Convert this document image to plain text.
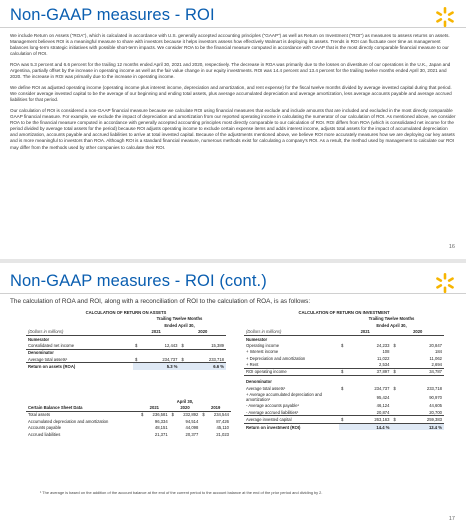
Non-GAAP measures - ROI

We include Return on Assets ("ROA"), which is calculated in accordance with U.S. generally accepted accounting principles ("GAAP") as well as Return on Investment ("ROI") as measures to assess returns on assets. Management believes ROI is a meaningful measure to share with investors because it helps investors assess how effectively Walmart is deploying its assets. Trends in ROI can fluctuate over time as management balances long-term strategic initiatives with possible short-term impacts. We consider ROA to be the financial measure computed in accordance with GAAP that is the most directly comparable financial measure to our calculation of ROI.

ROA was 5.3 percent and 6.6 percent for the trailing 12 months ended April 30, 2021 and 2020, respectively. The decrease in ROA was primarily due to the losses on divestiture of our operations in the U.K., Japan and Argentina, partially offset by the increase in operating income as well as the fair value change in our equity investments. ROI was 14.4 percent and 13.4 percent for the trailing twelve months ended April 30, 2021 and 2020. The increase in ROI was primarily due to the increase in operating income.

We define ROI as adjusted operating income (operating income plus interest income, depreciation and amortization, and rent expense) for the fiscal twelve months divided by average invested capital during that period. We consider average invested capital to be the average of our beginning and ending total assets, plus average accumulated depreciation and average amortization, less average accounts payable and average accrued liabilities for that period.

Our calculation of ROI is considered a non-GAAP financial measure because we calculate ROI using financial measures that exclude and include amounts that are included and excluded in the most directly comparable GAAP financial measure. For example, we exclude the impact of depreciation and amortization from our reported operating income in calculating the numerator of our calculation of ROI. As mentioned above, we consider ROA to be the financial measure computed in accordance with generally accepted accounting principles most directly comparable to our calculation of ROI. ROI differs from ROA (which is consolidated net income for the period divided by average total assets for the period) because ROI adjusts operating income to exclude certain expense items and adds interest income, adjusts total assets for the impact of accumulated depreciation and amortization, accounts payable and accrued liabilities to arrive at total invested capital. Because of the adjustments mentioned above, we believe ROI more accurately measures how we are deploying our key assets and is more meaningful to investors than ROA. Although ROI is a standard financial measure, numerous methods exist for calculating a company's ROI. As a result, the method used by management to calculate our ROI may differ from the methods used by other companies to calculate their ROI.

16
Non-GAAP measures - ROI (cont.)
The calculation of ROA and ROI, along with a reconciliation of ROI to the calculation of ROA, is as follows:
CALCULATION OF RETURN ON ASSETS				
	Trailing Twelve Months			
	Ended April 30,			
(Dollars in millions)	2021		2020	
Numerator				
Consolidated net income	$	12,443	$	15,389
Denominator				
Average total assets¹	$	234,737	$	233,718
Return on assets (ROA)		5.3 %		6.6 %
	April 30,					
Certain Balance Sheet Data	2021		2020		2019	
Total assets	$	236,581	$	232,892	$	234,544
Accumulated depreciation and amortization		96,334		94,514		87,426
Accounts payable		48,151		44,098		45,110
Accrued liabilities		21,371		20,377		21,023
CALCULATION OF RETURN ON INVESTMENT				
	Trailing Twelve Months			
	Ended April 30,			
(Dollars in millions)	2021		2020	
Numerator				
Operating income	$	24,233	$	20,847
+ Interest income		108		184
+ Depreciation and amortization		11,022		11,062
+ Rent		2,534		2,694
ROI operating income	$	37,897	$	34,787

Denominator				
Average total assets¹	$	234,737	$	233,718
+ Average accumulated depreciation and amortization¹		95,424		90,970
- Average accounts payable¹		46,124		44,605
- Average accrued liabilities¹		20,874		20,700
Average invested capital	$	263,163	$	259,383
Return on investment (ROI)		14.4 %		13.4 %
¹ The average is based on the addition of the account balance at the end of the current period to the account balance at the end of the prior period and dividing by 2.
17
